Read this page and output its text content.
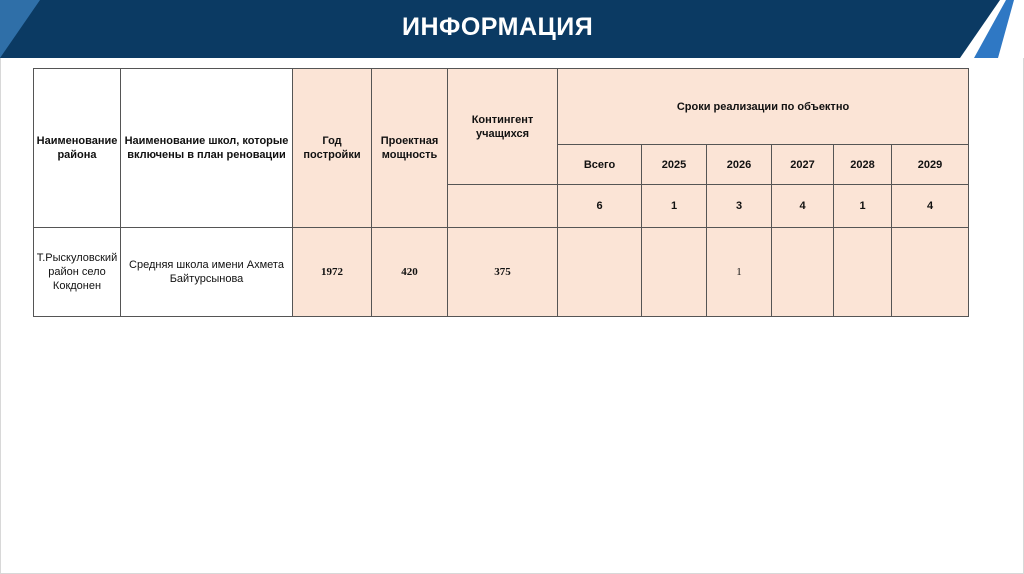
ИНФОРМАЦИЯ
Наименование района	Наименование школ, которые включены в план реновации	Год постройки	Проектная мощность	Контингент учащихся	Сроки реализации по объектно					
					Всего	2025	2026	2027	2028	2029
					6	1	3	4	1	4
Т.Рыскуловский район село Кокдонен	Средняя школа имени Ахмета Байтурсынова	1972	420	375			1			
